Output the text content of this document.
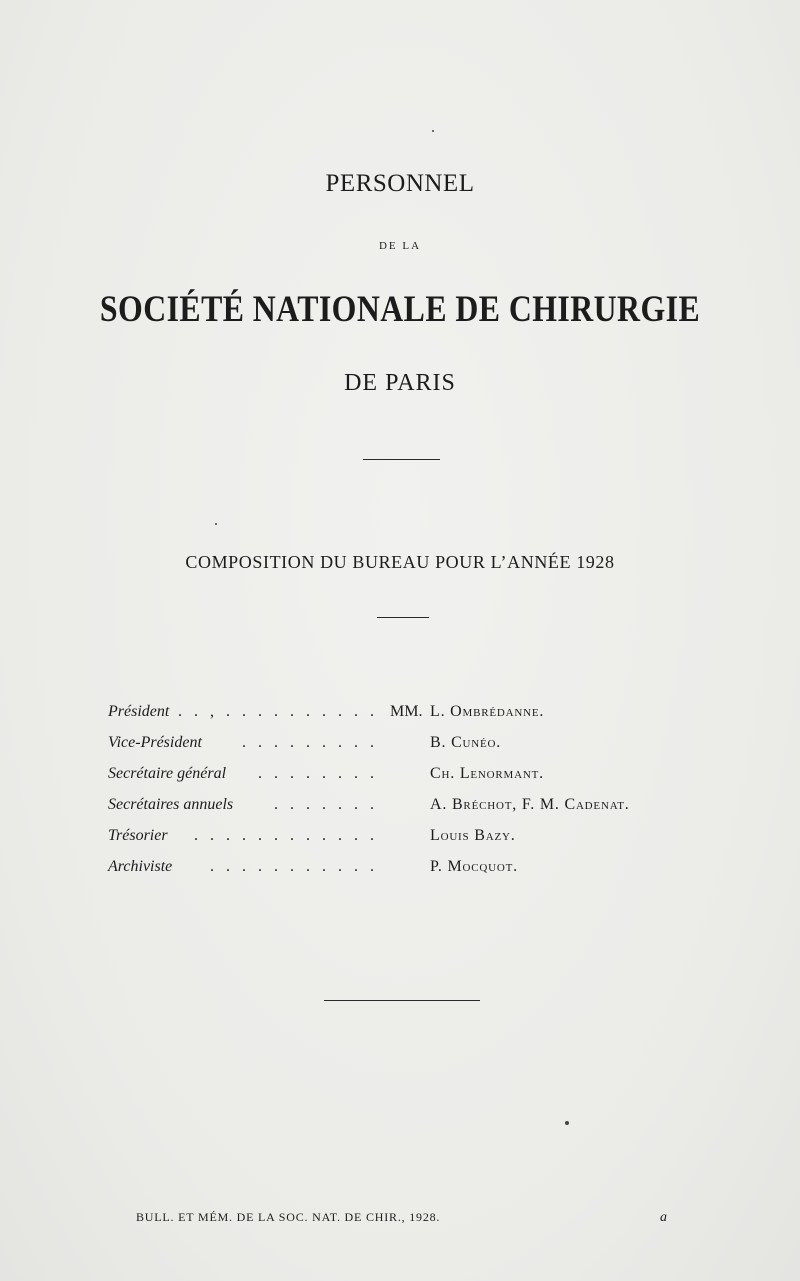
PERSONNEL
DE LA
SOCIÉTÉ NATIONALE DE CHIRURGIE
DE PARIS
COMPOSITION DU BUREAU POUR L’ANNÉE 1928
Président . . , . . . . . . . . . . MM. L. Ombrédanne.
Vice-Président	. . . . . . . . .	B. Cunéo.
Secrétaire général	. . . . . . . .	Ch. Lenormant.
Secrétaires annuels	. . . . . . .	A. Bréchot, F. M. Cadenat.
Trésorier	. . . . . . . . . . . .	Louis Bazy.
Archiviste	. . . . . . . . . . .	P. Mocquot.
BULL. ET MÉM. DE LA SOC. NAT. DE CHIR., 1928.	a
